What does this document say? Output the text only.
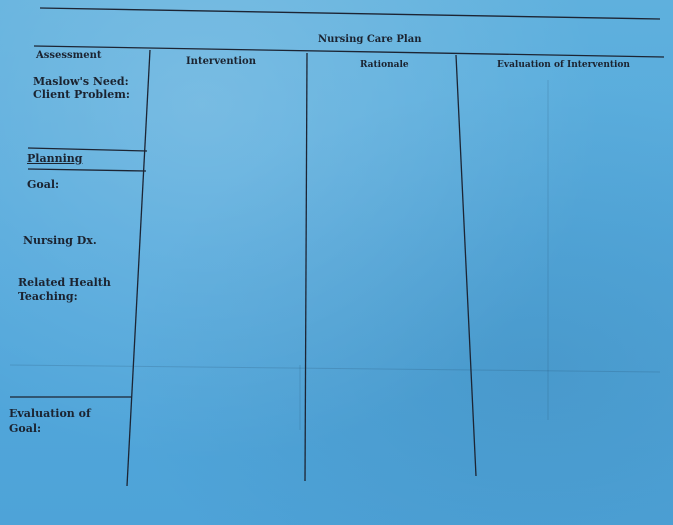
Nursing Care Plan
Assessment
Intervention	Rationale	Evaluation of Intervention
Maslow's Need:
Client Problem:
Planning
Goal:
Nursing Dx.
Related Health
Teaching:
Evaluation of
Goal:
